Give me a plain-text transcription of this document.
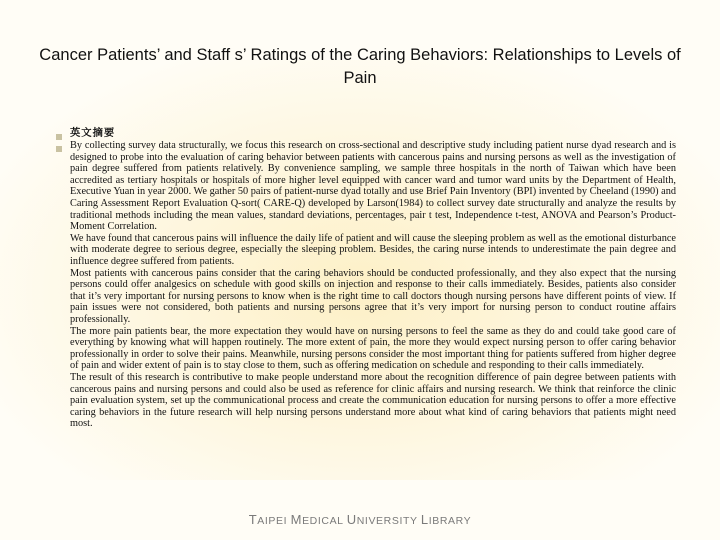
Cancer Patients’ and Staff s’ Ratings of the Caring Behaviors: Relationships to Levels of Pain
英文摘要

By collecting survey data structurally, we focus this research on cross-sectional and descriptive study including patient nurse dyad research and is designed to probe into the evaluation of caring behavior between patients with cancerous pains and nursing persons as well as the investigation of pain degree suffered from patients relatively. By convenience sampling, we sample three hospitals in the north of Taiwan which have been accredited as tertiary hospitals or hospitals of more higher level equipped with cancer ward and tumor ward units by the Department of Health, Executive Yuan in year 2000. We gather 50 pairs of patient-nurse dyad totally and use Brief Pain Inventory (BPI) invented by Cheeland (1990) and Caring Assessment Report Evaluation Q-sort( CARE-Q) developed by Larson(1984) to collect survey date structurally and analyze the results by traditional methods including the mean values, standard deviations, percentages, pair t test, Independence t-test, ANOVA and Pearson’s Product-Moment Correlation.

We have found that cancerous pains will influence the daily life of patient and will cause the sleeping problem as well as the emotional disturbance with moderate degree to serious degree, especially the sleeping problem. Besides, the caring nurse intends to underestimate the pain degree and influence degree suffered from patients.

Most patients with cancerous pains consider that the caring behaviors should be conducted professionally, and they also expect that the nursing persons could offer analgesics on schedule with good skills on injection and response to their calls immediately. Besides, patients also consider that it’s very important for nursing persons to know when is the right time to call doctors though nursing persons have different points of view. If pain issues were not considered, both patients and nursing persons agree that it’s very import for nursing person to conduct routine affairs professionally.

The more pain patients bear, the more expectation they would have on nursing persons to feel the same as they do and could take good care of everything by knowing what will happen routinely. The more extent of pain, the more they would expect nursing person to offer caring behavior professionally in order to solve their pains. Meanwhile, nursing persons consider the most important thing for patients suffered from higher degree of pain and wider extent of pain is to stay close to them, such as offering medication on schedule and responding to their calls immediately.

The result of this research is contributive to make people understand more about the recognition difference of pain degree between patients with cancerous pains and nursing persons and could also be used as reference for clinic affairs and nursing research. We think that reinforce the clinic pain evaluation system, set up the communicational process and create the communication education for nursing persons to offer a more effective caring behaviors in the future research will help nursing persons understand more about what kind of caring behaviors that patients might need most.

TAIPEI MEDICAL UNIVERSITY LIBRARY
